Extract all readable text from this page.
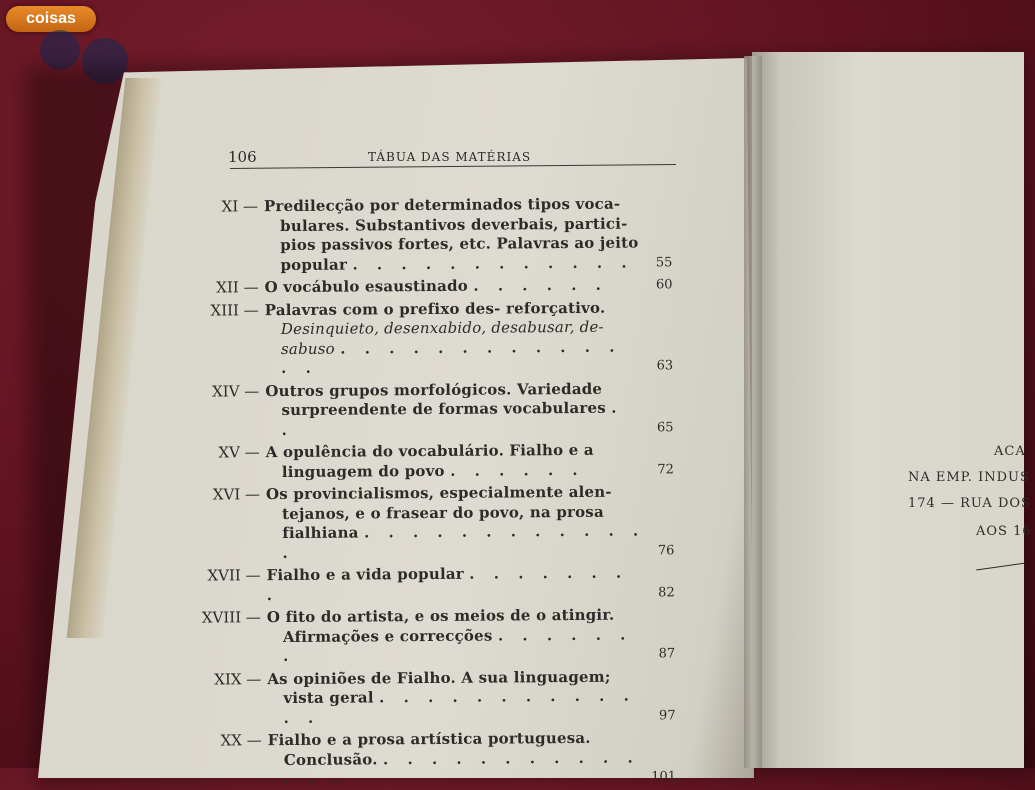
coisas
106	TÁBUA DAS MATÉRIAS
XI — Predilecção por determinados tipos voca-
bulares. Substantivos deverbais, partici-
pios passivos fortes, etc. Palavras ao jeito
popular . . . . . . . . . . . .	55
XII — O vocábulo esaustinado . . . . . .	60
XIII — Palavras com o prefixo des- reforçativo.
Desinquieto, desenxabido, desabusar, de-
sabuso . . . . . . . . . . . . . .	63
XIV — Outros grupos morfológicos. Variedade
surpreendente de formas vocabulares . .	65
XV — A opulência do vocabulário. Fialho e a
linguagem do povo . . . . . .	72
XVI — Os provincialismos, especialmente alen-
tejanos, e o frasear do povo, na prosa
fialhiana . . . . . . . . . . . . .	76
XVII — Fialho e a vida popular . . . . . . . .	82
XVIII — O fito do artista, e os meios de o atingir.
Afirmações e correcções . . . . . . .	87
XIX — As opiniões de Fialho. A sua linguagem;
vista geral . . . . . . . . . . . . .	97
XX — Fialho e a prosa artística portuguesa.
Conclusão. . . . . . . . . . . . . . .	101
ACA
NA EMP. INDUS
174 — RUA DOS
AOS 16
